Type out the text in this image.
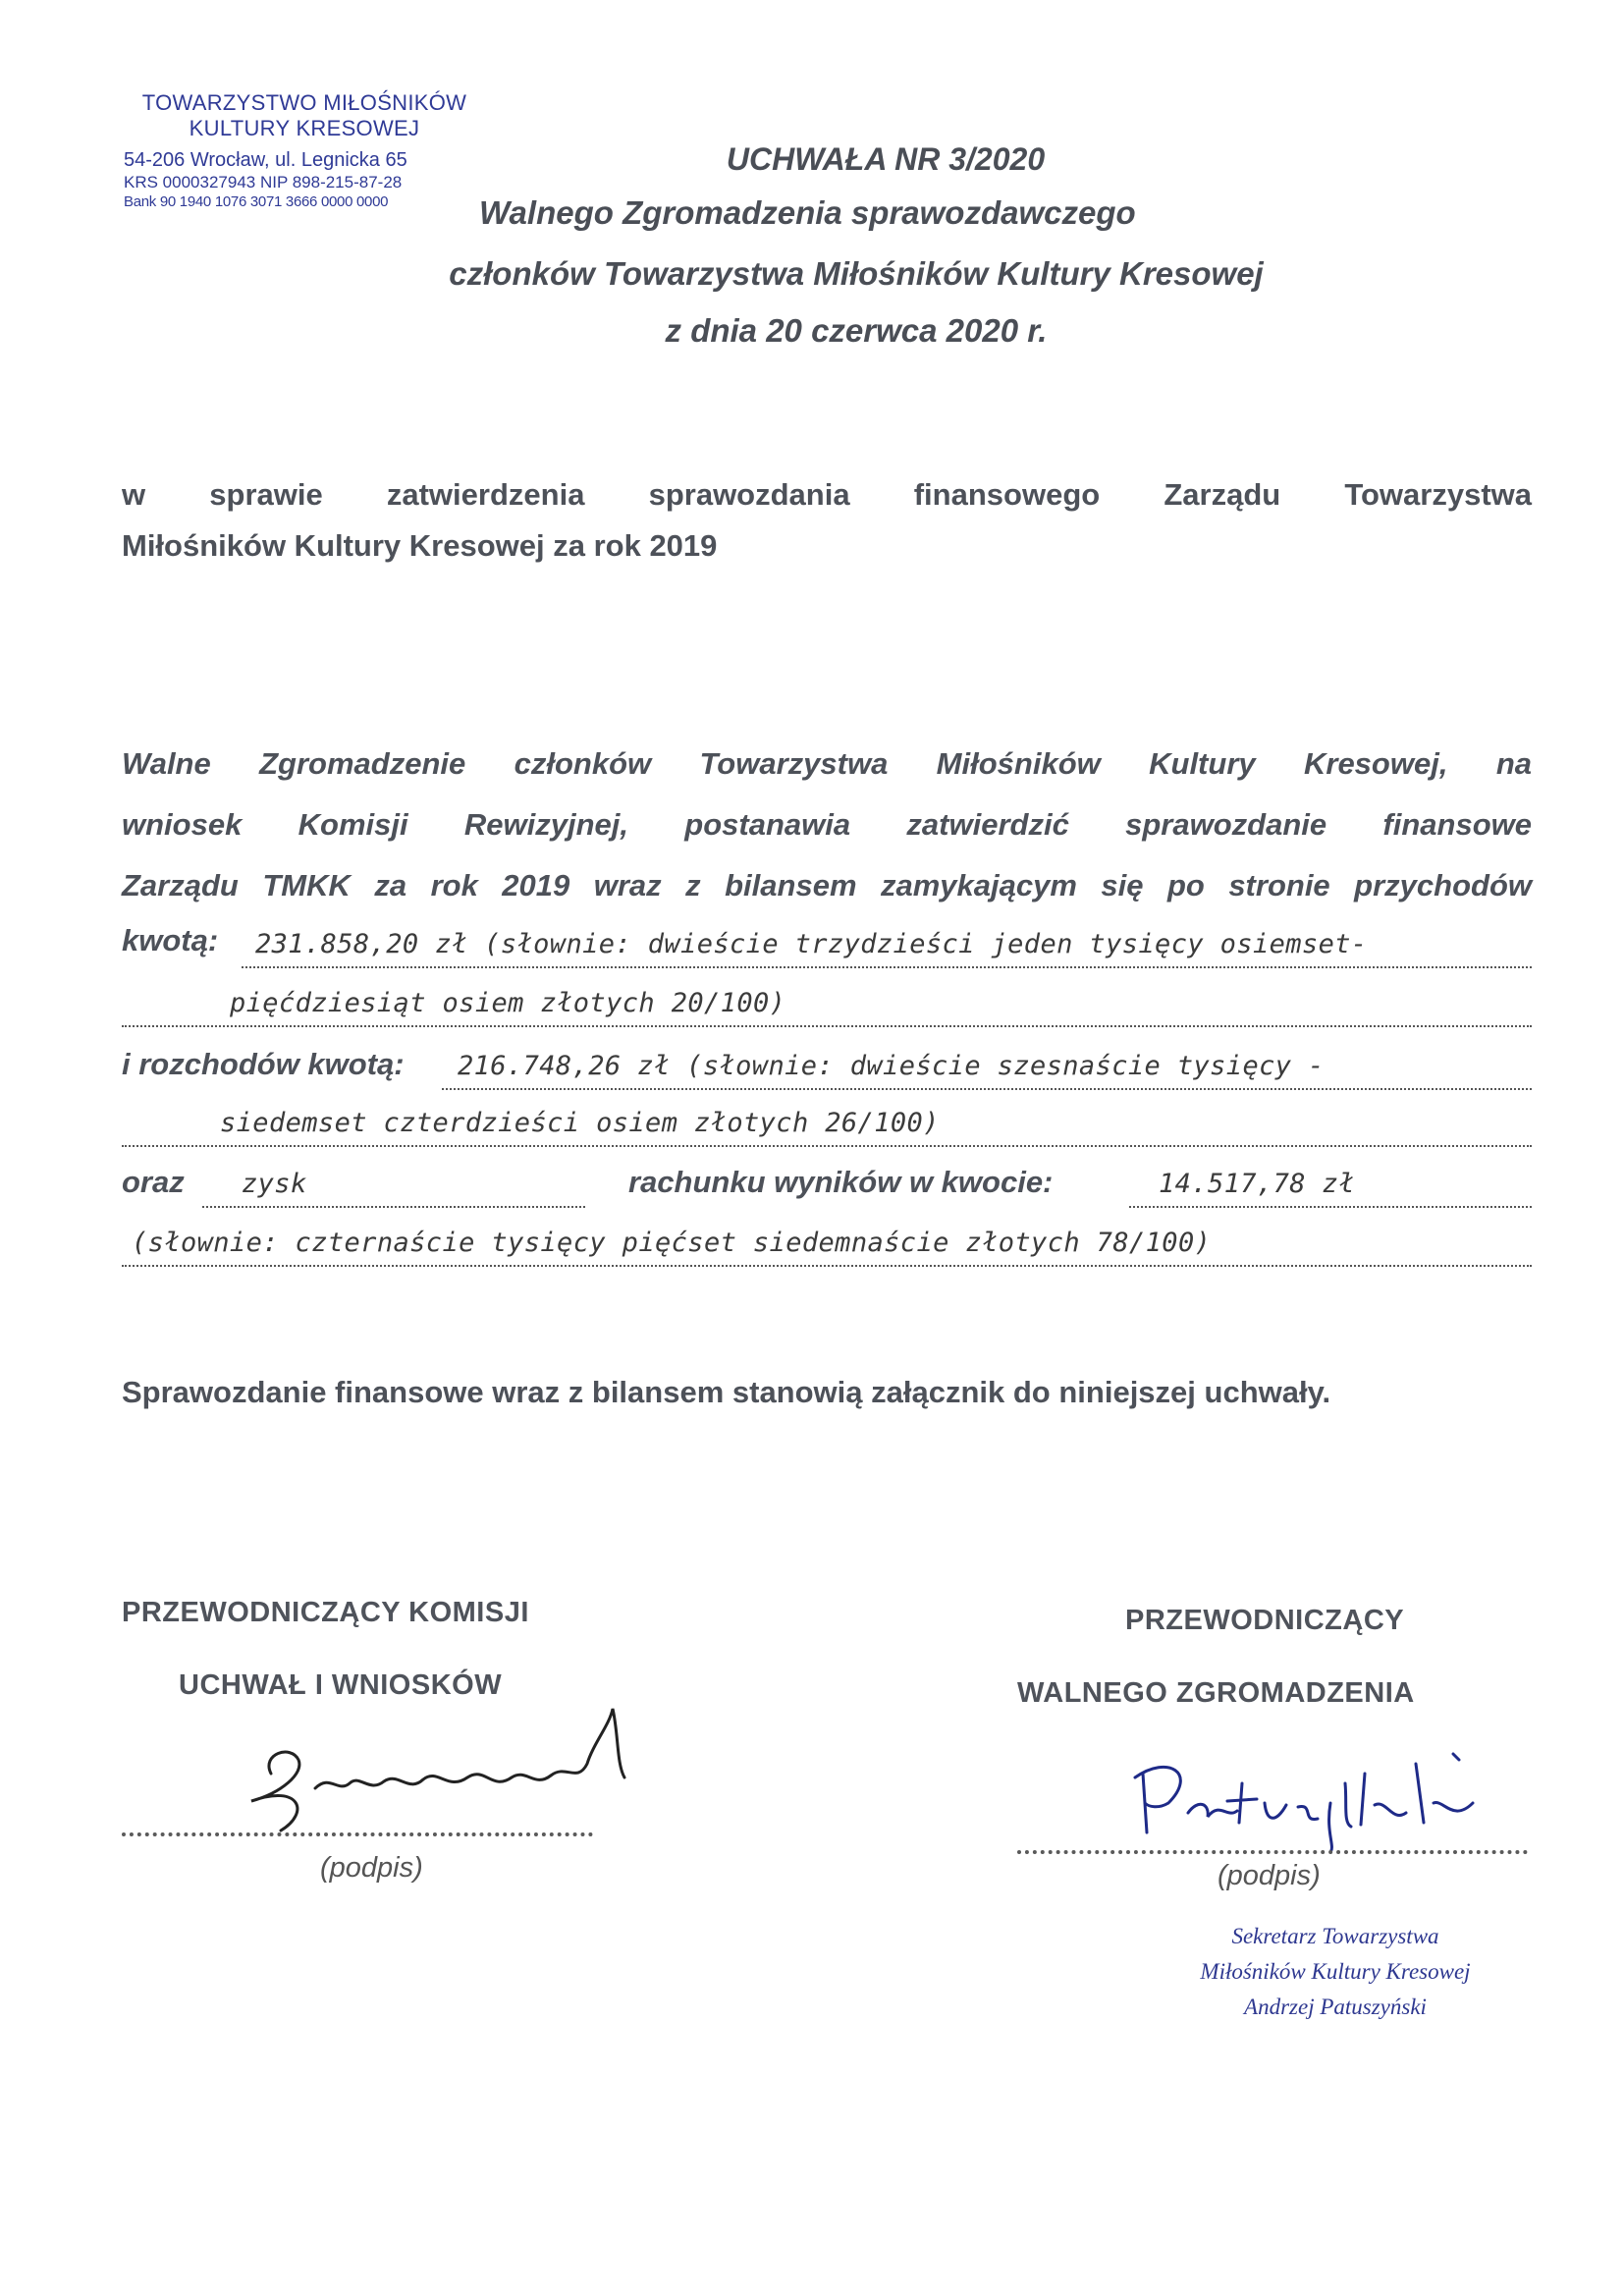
TOWARZYSTWO MIŁOŚNIKÓW
KULTURY KRESOWEJ
54-206 Wrocław, ul. Legnicka 65
KRS 0000327943 NIP 898-215-87-28
Bank 90 1940 1076 3071 3666 0000 0000
UCHWAŁA NR 3/2020
Walnego Zgromadzenia sprawozdawczego
członków Towarzystwa Miłośników Kultury Kresowej
z dnia 20 czerwca 2020 r.
w sprawie zatwierdzenia sprawozdania finansowego Zarządu Towarzystwa
Miłośników Kultury Kresowej za rok 2019
Walne Zgromadzenie członków Towarzystwa Miłośników Kultury Kresowej, na
wniosek Komisji Rewizyjnej, postanawia zatwierdzić sprawozdanie finansowe
Zarządu TMKK za rok 2019 wraz z bilansem zamykającym się po stronie przychodów
kwotą: 231.858,20 zł (słownie: dwieście trzydzieści jeden tysięcy osiemset-
pięćdziesiąt osiem złotych 20/100)
i rozchodów kwotą: 216.748,26 zł (słownie: dwieście szesnaście tysięcy -
siedemset czterdzieści osiem złotych 26/100)
oraz zysk	rachunku wyników w kwocie:	14.517,78 zł
(słownie: czternaście tysięcy pięćset siedemnaście złotych 78/100)
Sprawozdanie finansowe wraz z bilansem stanowią załącznik do niniejszej uchwały.
PRZEWODNICZĄCY KOMISJI
UCHWAŁ I WNIOSKÓW
(podpis)
PRZEWODNICZĄCY
WALNEGO ZGROMADZENIA
(podpis)
Sekretarz Towarzystwa
Miłośników Kultury Kresowej
Andrzej Patuszyński
